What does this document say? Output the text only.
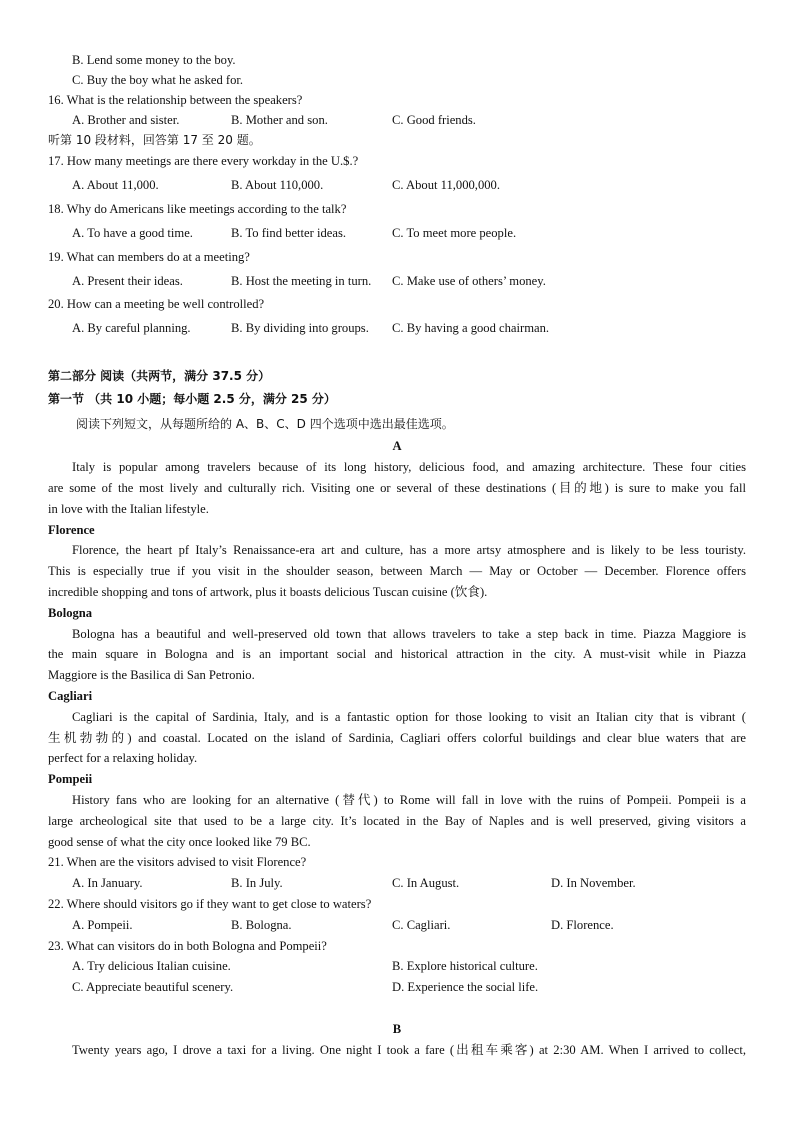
B. Lend some money to the boy.
C. Buy the boy what he asked for.
16. What is the relationship between the speakers?
A. Brother and sister.	B. Mother and son.	C. Good friends.
听第 10 段材料，回答第 17 至 20 题。
17. How many meetings are there every workday in the U.$.?
A. About 11,000.	B. About 110,000.	C. About 11,000,000.
18. Why do Americans like meetings according to the talk?
A. To have a good time.	B. To find better ideas.	C. To meet more people.
19. What can members do at a meeting?
A. Present their ideas.	B. Host the meeting in turn. C. Make use of others’ money.
20. How can a meeting be well controlled?
A. By careful planning.	B. By dividing into groups. C. By having a good chairman.
第二部分 阅读（共两节，满分 37.5 分）
第一节 （共 10 小题；每小题 2.5 分，满分 25 分）
阅读下列短文，从每题所给的 A、B、C、D 四个选项中选出最佳选项。
A
Italy is popular among travelers because of its long history, delicious food, and amazing architecture. These four cities
are some of the most lively and culturally rich. Visiting one or several of these destinations (目的地) is sure to make you fall
in love with the Italian lifestyle.
Florence
Florence, the heart pf Italy’s Renaissance-era art and culture, has a more artsy atmosphere and is likely to be less touristy.
This is especially true if you visit in the shoulder season, between March — May or October — December. Florence offers
incredible shopping and tons of artwork, plus it boasts delicious Tuscan cuisine (饮食).
Bologna
Bologna has a beautiful and well-preserved old town that allows travelers to take a step back in time. Piazza Maggiore is
the main square in Bologna and is an important social and historical attraction in the city. A must-visit while in Piazza
Maggiore is the Basilica di San Petronio.
Cagliari
Cagliari is the capital of Sardinia, Italy, and is a fantastic option for those looking to visit an Italian city that is vibrant (
生机勃勃的) and coastal. Located on the island of Sardinia, Cagliari offers colorful buildings and clear blue waters that are
perfect for a relaxing holiday.
Pompeii
History fans who are looking for an alternative (替代) to Rome will fall in love with the ruins of Pompeii. Pompeii is a
large archeological site that used to be a large city. It’s located in the Bay of Naples and is well preserved, giving visitors a
good sense of what the city once looked like 79 BC.
21. When are the visitors advised to visit Florence?
A. In January.	B. In July.	C. In August.	D. In November.
22. Where should visitors go if they want to get close to waters?
A. Pompeii.	B. Bologna.	C. Cagliari.	D. Florence.
23. What can visitors do in both Bologna and Pompeii?
A. Try delicious Italian cuisine.	B. Explore historical culture.
C. Appreciate beautiful scenery.	D. Experience the social life.
B
Twenty years ago, I drove a taxi for a living. One night I took a fare (出租车乘客) at 2:30 AM. When I arrived to collect,
